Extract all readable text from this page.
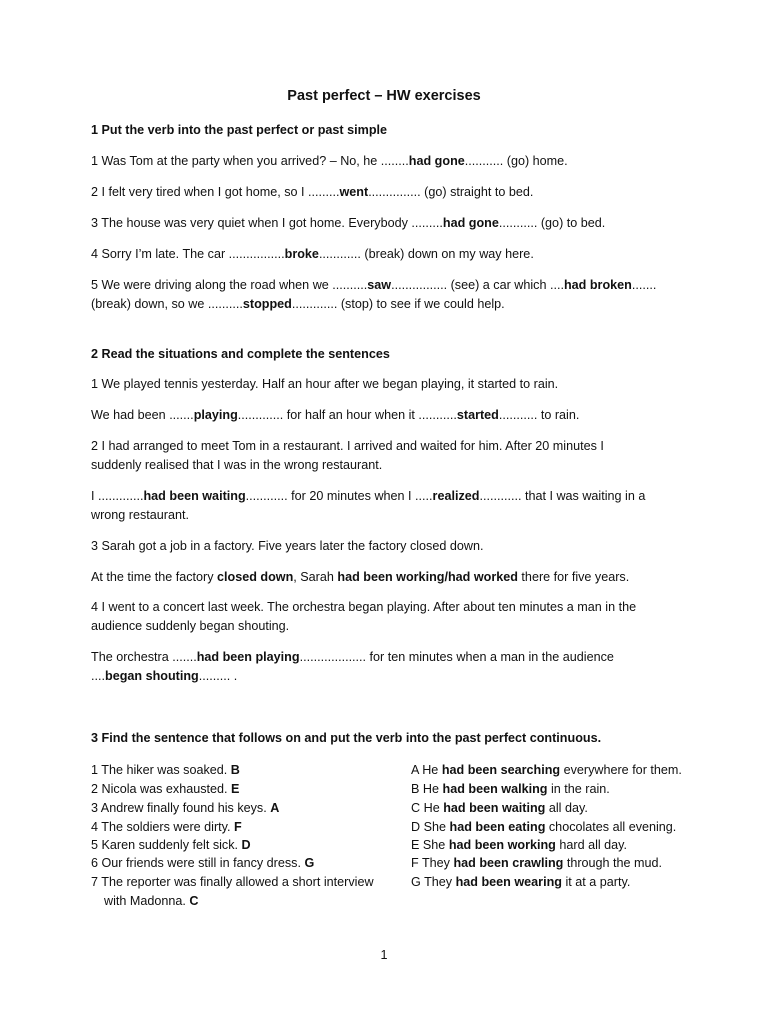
Past perfect – HW exercises
1 Put the verb into the past perfect or past simple
1 Was Tom at the party when you arrived? – No, he ........had gone........... (go) home.
2 I felt very tired when I got home, so I .........went............... (go) straight to bed.
3 The house was very quiet when I got home. Everybody .........had gone........... (go) to bed.
4 Sorry I’m late. The car ................broke............ (break) down on my way here.
5 We were driving along the road when we ..........saw................ (see) a car which ....had broken.......
(break) down, so we ..........stopped............. (stop) to see if we could help.
2 Read the situations and complete the sentences
1 We played tennis yesterday. Half an hour after we began playing, it started to rain.
We had been .......playing............. for half an hour when it ...........started........... to rain.
2 I had arranged to meet Tom in a restaurant. I arrived and waited for him. After 20 minutes I
suddenly realised that I was in the wrong restaurant.
I .............had been waiting............ for 20 minutes when I .....realized............ that I was waiting in a
wrong restaurant.
3 Sarah got a job in a factory. Five years later the factory closed down.
At the time the factory closed down, Sarah had been working/had worked there for five years.
4 I went to a concert last week. The orchestra began playing. After about ten minutes a man in the
audience suddenly began shouting.
The orchestra .......had been playing................... for ten minutes when a man in the audience
....began shouting......... .
3 Find the sentence that follows on and put the verb into the past perfect continuous.
1 The hiker was soaked. B
2 Nicola was exhausted. E
3 Andrew finally found his keys. A
4 The soldiers were dirty. F
5 Karen suddenly felt sick. D
6 Our friends were still in fancy dress. G
7 The reporter was finally allowed a short interview
with Madonna. C
A He had been searching everywhere for them.
B He had been walking in the rain.
C He had been waiting all day.
D She had been eating chocolates all evening.
E She had been working hard all day.
F They had been crawling through the mud.
G They had been wearing it at a party.
1
